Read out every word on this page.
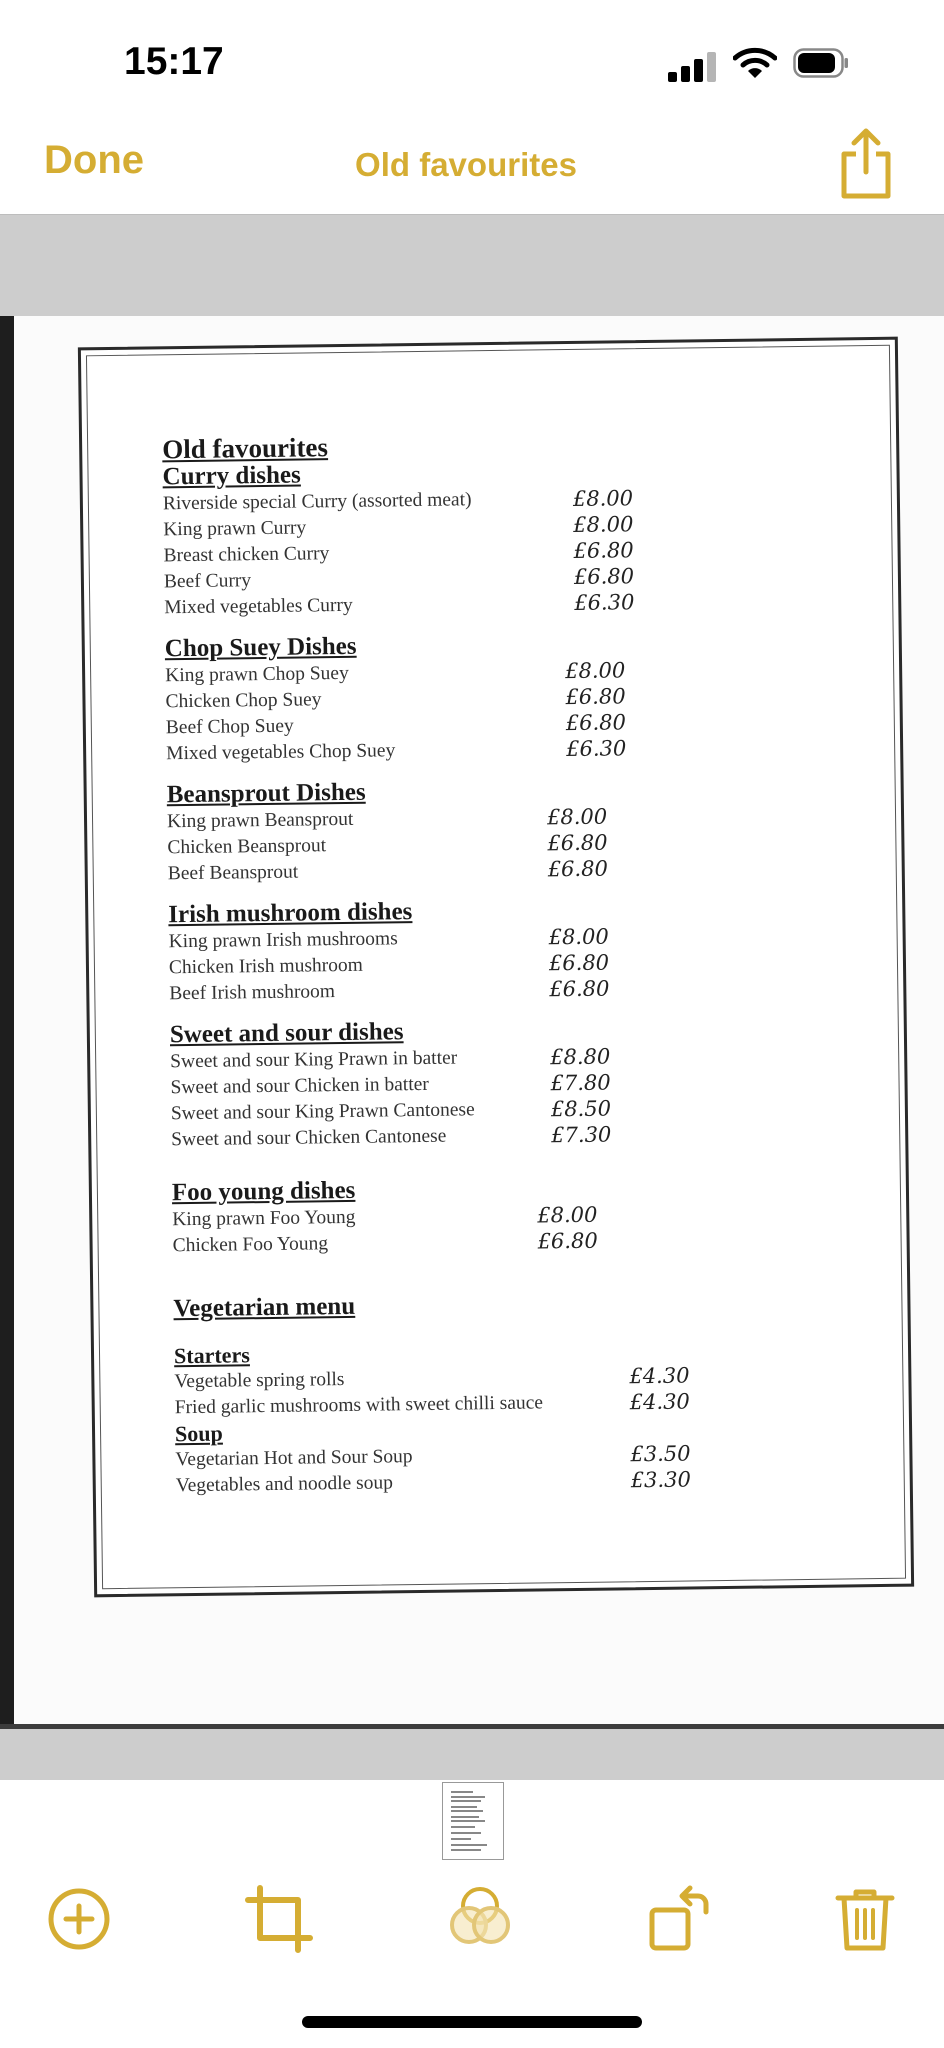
15:17
Done	Old favourites
Old favourites
Curry dishes
Riverside special Curry (assorted meat)	£8.00
King prawn Curry	£8.00
Breast chicken Curry	£6.80
Beef Curry	£6.80
Mixed vegetables Curry	£6.30
Chop Suey Dishes
King prawn Chop Suey	£8.00
Chicken Chop Suey	£6.80
Beef Chop Suey	£6.80
Mixed vegetables Chop Suey	£6.30
Beansprout Dishes
King prawn Beansprout	£8.00
Chicken Beansprout	£6.80
Beef Beansprout	£6.80
Irish mushroom dishes
King prawn Irish mushrooms	£8.00
Chicken Irish mushroom	£6.80
Beef Irish mushroom	£6.80
Sweet and sour dishes
Sweet and sour King Prawn in batter	£8.80
Sweet and sour Chicken in batter	£7.80
Sweet and sour King Prawn Cantonese	£8.50
Sweet and sour Chicken Cantonese	£7.30
Foo young dishes
King prawn Foo Young	£8.00
Chicken Foo Young	£6.80
Vegetarian menu
Starters
Vegetable spring rolls	£4.30
Fried garlic mushrooms with sweet chilli sauce	£4.30
Soup
Vegetarian Hot and Sour Soup	£3.50
Vegetables and noodle soup	£3.30
